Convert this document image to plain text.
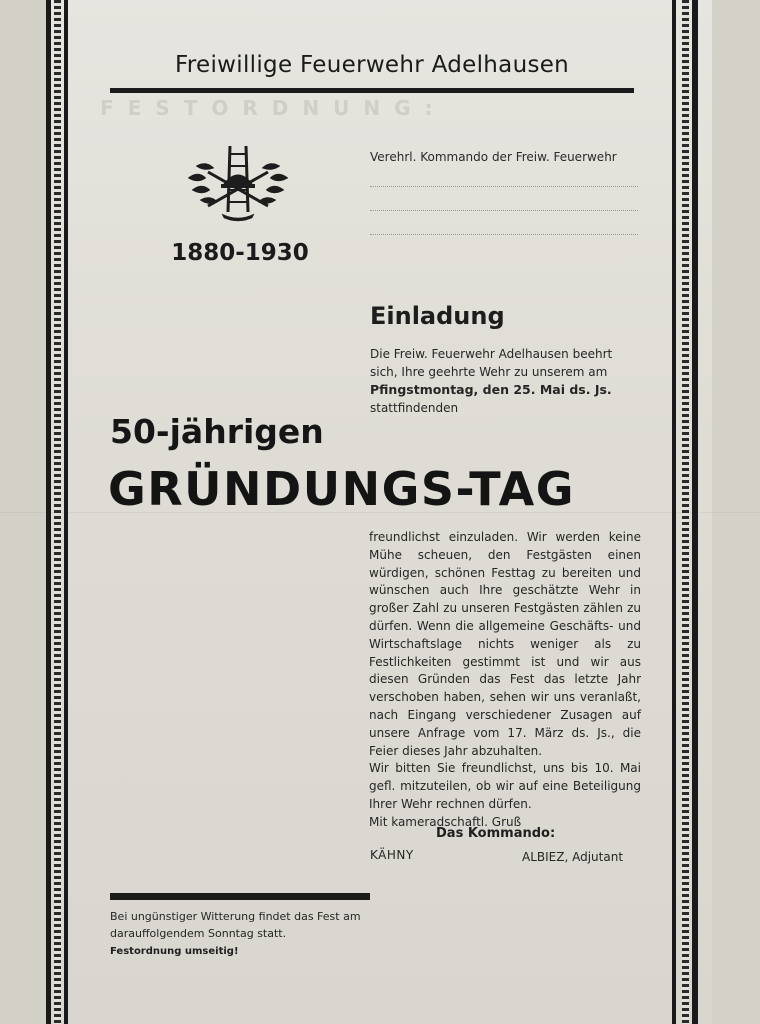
FESTORDNUNG:
Freiwillige Feuerwehr Adelhausen
1880-1930
Verehrl. Kommando der Freiw. Feuerwehr
Einladung
Die Freiw. Feuerwehr Adelhausen beehrt
sich, Ihre geehrte Wehr zu unserem am
Pfingstmontag, den 25. Mai ds. Js.
stattfindenden
50-jährigen
GRÜNDUNGS-TAG

freundlichst einzuladen. Wir werden keine Mühe scheuen, den Festgästen einen würdigen, schönen Festtag zu bereiten und wünschen auch Ihre geschätzte Wehr in großer Zahl zu unseren Festgästen zählen zu dürfen. Wenn die allgemeine Geschäfts- und Wirtschaftslage nichts weniger als zu Festlichkeiten gestimmt ist und wir aus diesen Gründen das Fest das letzte Jahr verschoben haben, sehen wir uns veranlaßt, nach Eingang verschiedener Zusagen auf unsere Anfrage vom 17. März ds. Js., die Feier dieses Jahr abzuhalten.

Wir bitten Sie freundlichst, uns bis 10. Mai gefl. mitzuteilen, ob wir auf eine Beteiligung Ihrer Wehr rechnen dürfen.

Mit kameradschaftl. Gruß

Das Kommando:
KÄHNY	ALBIEZ, Adjutant
Bei ungünstiger Witterung findet das Fest am darauffolgendem Sonntag statt.
Festordnung umseitig!
